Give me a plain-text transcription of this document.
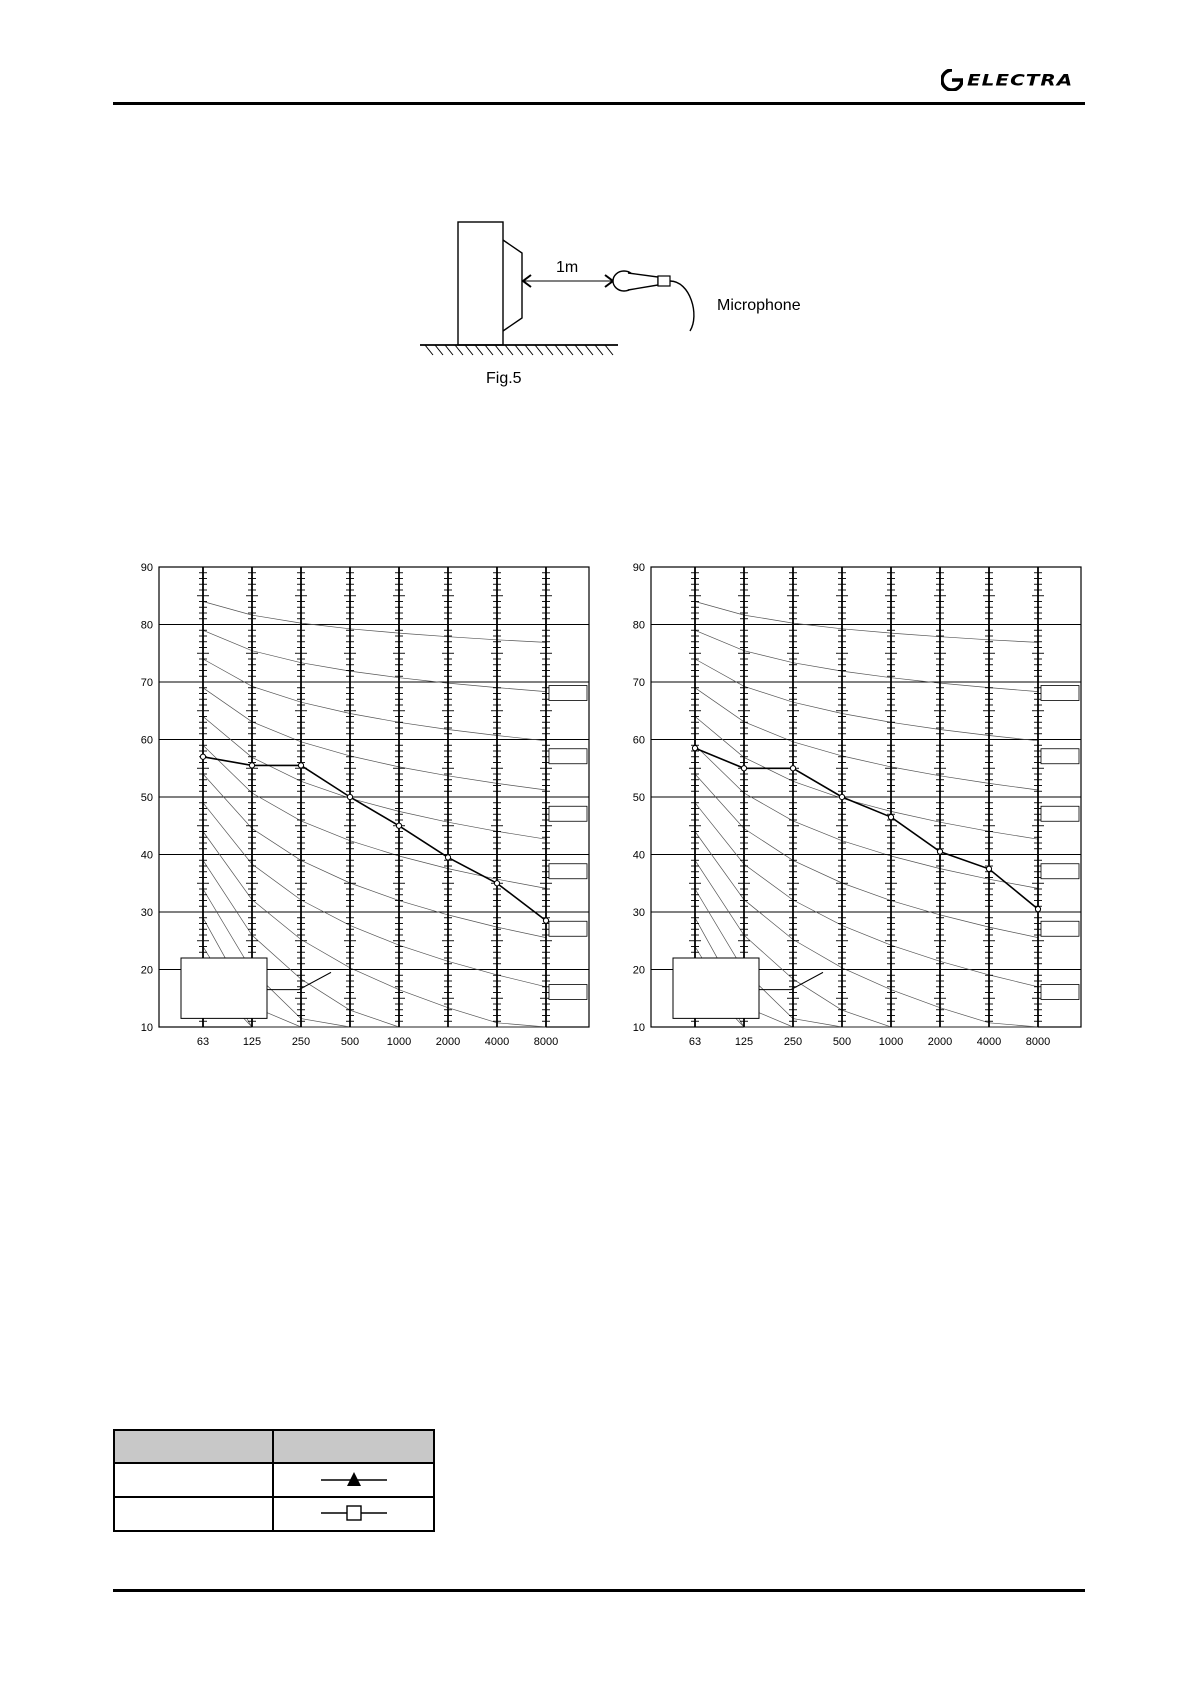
ELECTRA
1m
Microphone
Fig.5
90
80
70
60
50
40
30
20
10
63	125	250	500	1000 2000 4000 8000
90
80
70
60
50
40
30
20
10
63	125	250	500	1000 2000 4000 8000
